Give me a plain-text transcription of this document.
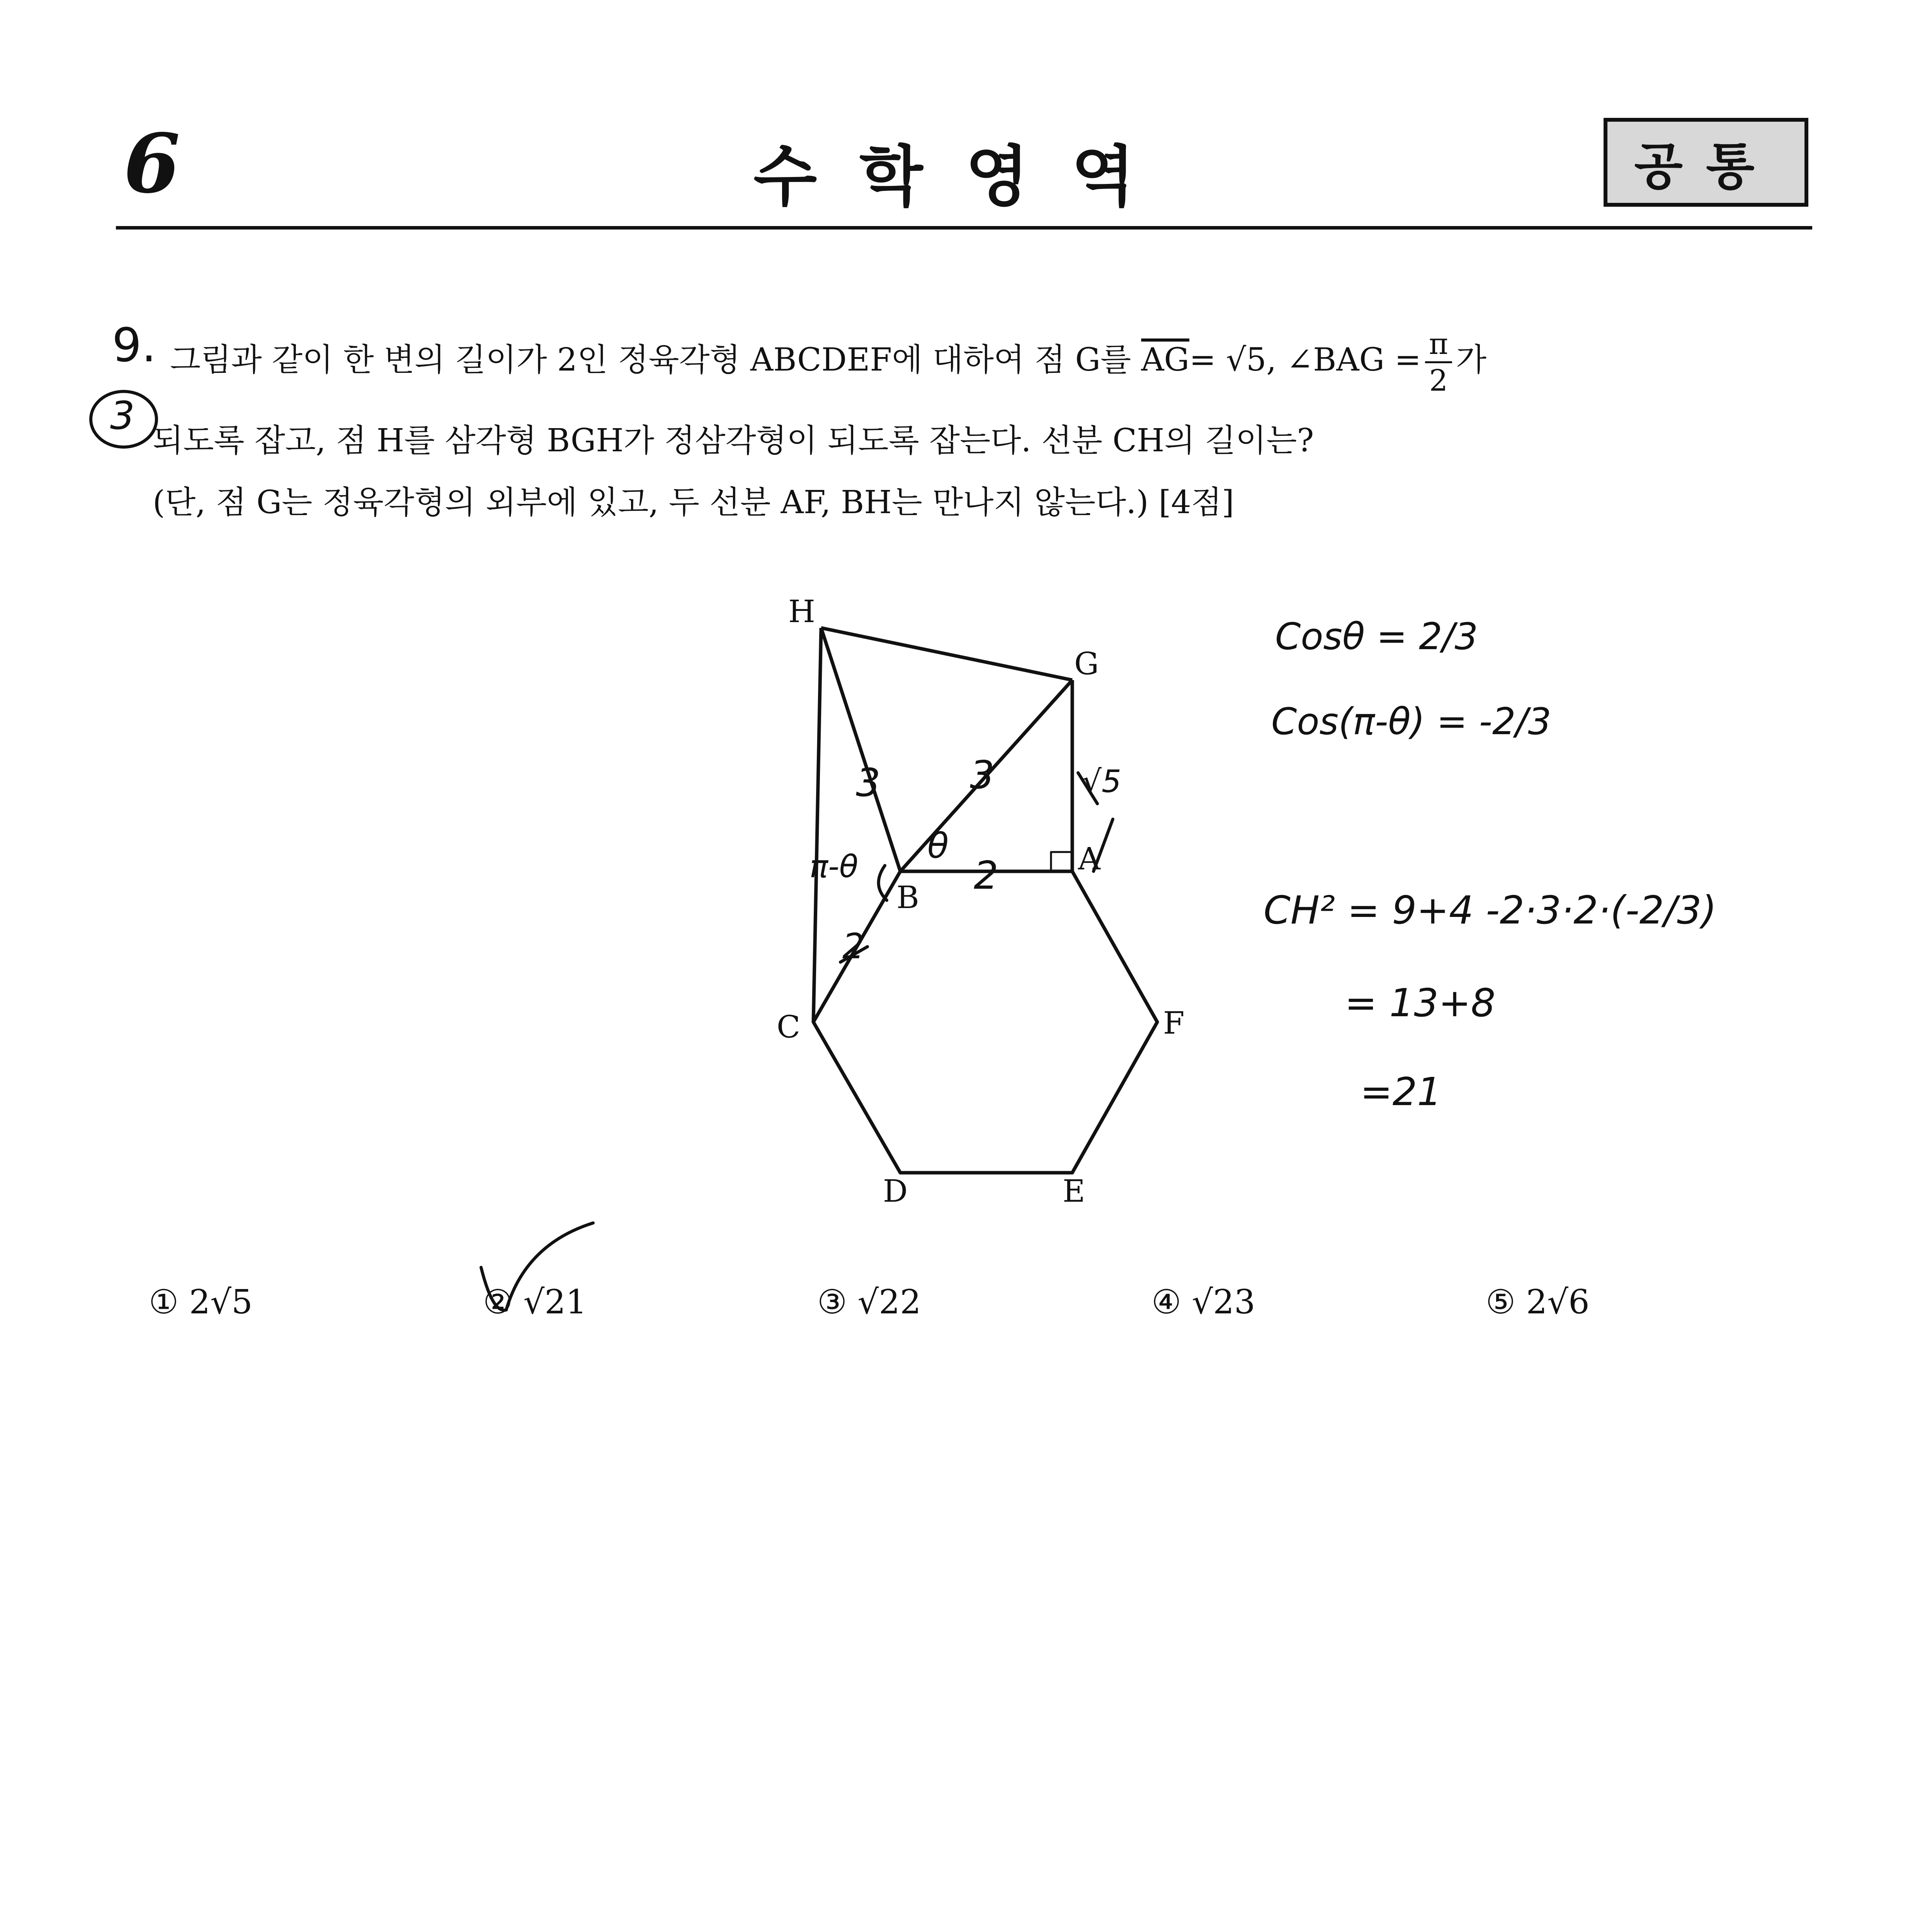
6	수학영역	공통
9. 그림과 같이 한 변의 길이가 2인 정육각형 ABCDEF에 대하여 점 G를 $\overline{AG}= √5$, ∠BAG = $\frac{\pi}{2}$ 가
되도록 잡고, 점 H를 삼각형 BGH가 정삼각형이 되도록 잡는다. 선분 CH의 길이는?
(단, 점 G는 정육각형의 외부에 있고, 두 선분 AF, BH는 만나지 않는다.) [4점]
H
G
A
B
C
D	E
F
3
3 3	√5
2
2
θ
π-θ
Cosθ = 2/3
Cos(π-θ) = -2/3
CH² = 9+4 -2·3·2·(-2/3)
= 13+8
=21
① 2√5	② √21	③ √22	④ √23	⑤ 2√6
